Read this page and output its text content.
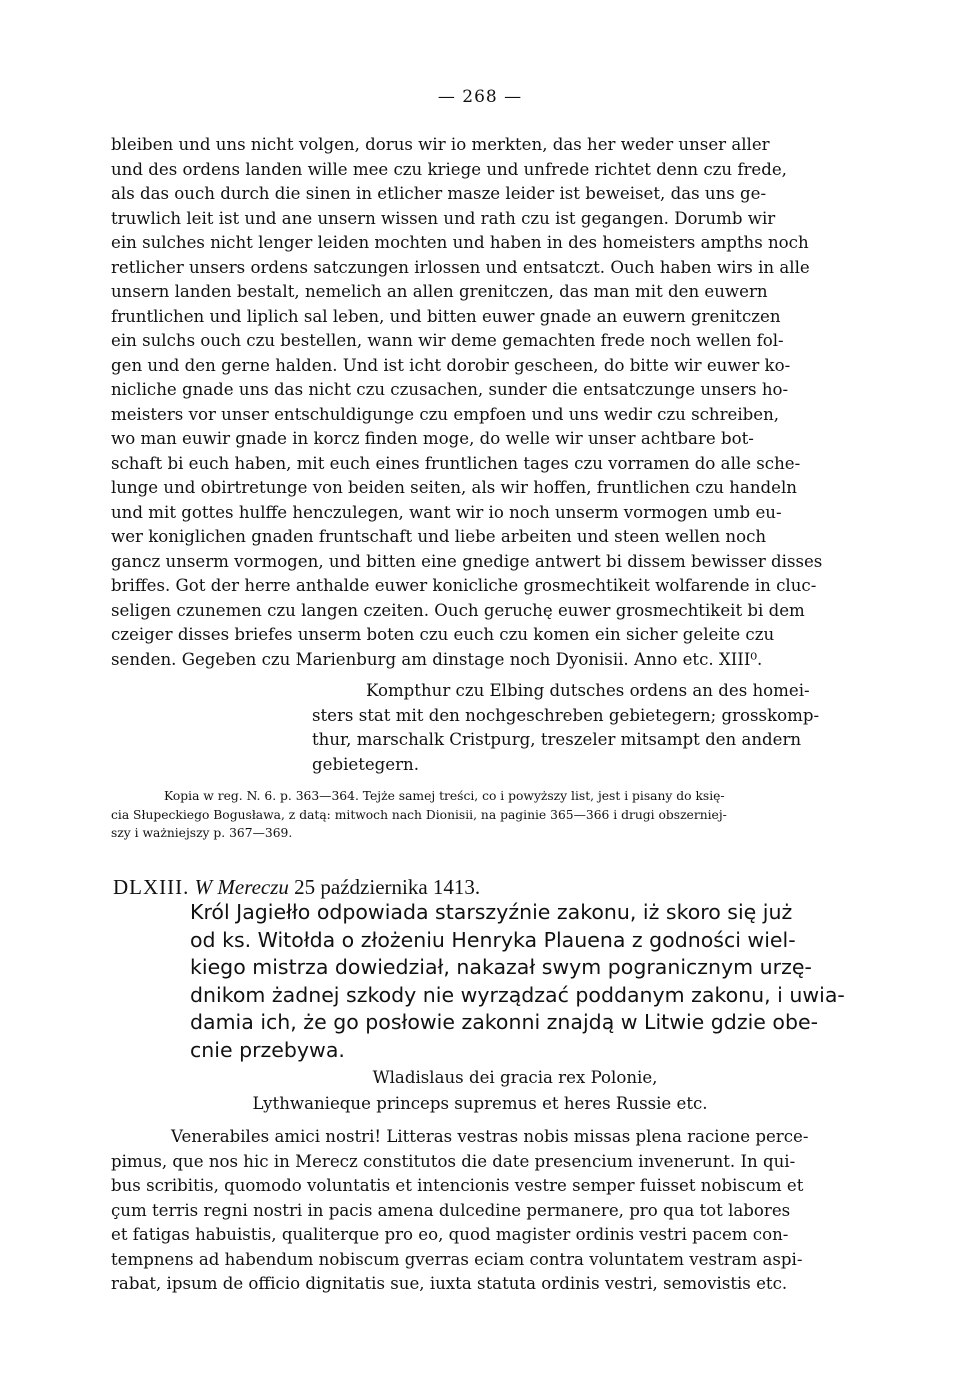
— 268 —

bleiben und uns nicht volgen, dorus wir io merkten, das her weder unser aller
und des ordens landen wille mee czu kriege und unfrede richtet denn czu frede,
als das ouch durch die sinen in etlicher masze leider ist beweiset, das uns ge-
truwlich leit ist und ane unsern wissen und rath czu ist gegangen. Dorumb wir
ein sulches nicht lenger leiden mochten und haben in des homeisters ampths noch
retlicher unsers ordens satczungen irlossen und entsatczt. Ouch haben wirs in alle
unsern landen bestalt, nemelich an allen grenitczen, das man mit den euwern
fruntlichen und liplich sal leben, und bitten euwer gnade an euwern grenitczen
ein sulchs ouch czu bestellen, wann wir deme gemachten frede noch wellen fol-
gen und den gerne halden. Und ist icht dorobir gescheen, do bitte wir euwer ko-
nicliche gnade uns das nicht czu czusachen, sunder die entsatczunge unsers ho-
meisters vor unser entschuldigunge czu empfoen und uns wedir czu schreiben,
wo man euwir gnade in korcz finden moge, do welle wir unser achtbare bot-
schaft bi euch haben, mit euch eines fruntlichen tages czu vorramen do alle sche-
lunge und obirtretunge von beiden seiten, als wir hoffen, fruntlichen czu handeln
und mit gottes hulffe henczulegen, want wir io noch unserm vormogen umb eu-
wer koniglichen gnaden fruntschaft und liebe arbeiten und steen wellen noch
gancz unserm vormogen, und bitten eine gnedige antwert bi dissem bewisser disses
briffes. Got der herre anthalde euwer konicliche grosmechtikeit wolfarende in cluc-
seligen czunemen czu langen czeiten. Ouch geruchę euwer grosmechtikeit bi dem
czeiger disses briefes unserm boten czu euch czu komen ein sicher geleite czu
senden. Gegeben czu Marienburg am dinstage noch Dyonisii. Anno etc. XIII⁰.

Kompthur czu Elbing dutsches ordens an des homei-
sters stat mit den nochgeschreben gebietegern; grosskomp-
thur, marschalk Cristpurg, treszeler mitsampt den andern
gebietegern.

Kopia w reg. N. 6. p. 363—364. Tejże samej treści, co i powyższy list, jest i pisany do księ-
cia Słupeckiego Bogusława, z datą: mitwoch nach Dionisii, na paginie 365—366 i drugi obszerniej-
szy i ważniejszy p. 367—369.

DLXIII. W Mereczu 25 października 1413.

Król Jagiełło odpowiada starszyźnie zakonu, iż skoro się już
od ks. Witołda o złożeniu Henryka Plauena z godności wiel-
kiego mistrza dowiedział, nakazał swym pogranicznym urzę-
dnikom żadnej szkody nie wyrządzać poddanym zakonu, i uwia-
damia ich, że go posłowie zakonni znajdą w Litwie gdzie obe-
cnie przebywa.

Wladislaus dei gracia rex Polonie,
Lythwanieque princeps supremus et heres Russie etc.

Venerabiles amici nostri! Litteras vestras nobis missas plena racione perce-
pimus, que nos hic in Merecz constitutos die date presencium invenerunt. In qui-
bus scribitis, quomodo voluntatis et intencionis vestre semper fuisset nobiscum et
çum terris regni nostri in pacis amena dulcedine permanere, pro qua tot labores
et fatigas habuistis, qualiterque pro eo, quod magister ordinis vestri pacem con-
tempnens ad habendum nobiscum gverras eciam contra voluntatem vestram aspi-
rabat, ipsum de officio dignitatis sue, iuxta statuta ordinis vestri, semovistis etc.
